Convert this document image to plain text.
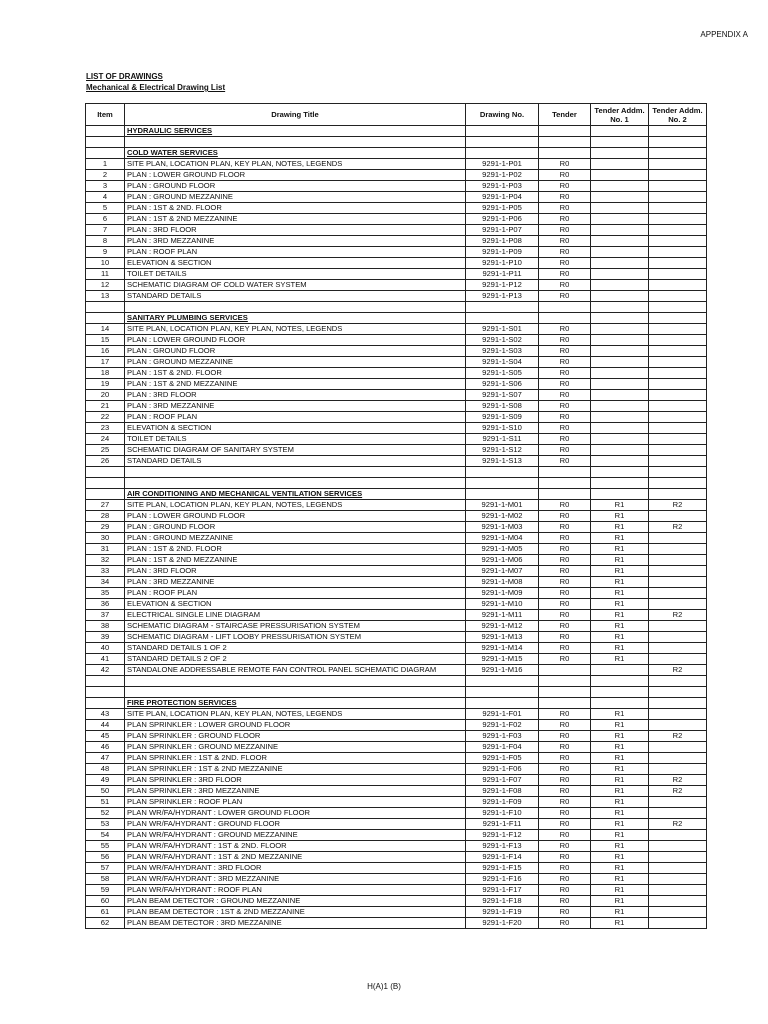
APPENDIX A
LIST OF DRAWINGS
Mechanical & Electrical Drawing List
Item	Drawing Title	Drawing No.	Tender	Tender Addm. No. 1	Tender Addm. No. 2
	HYDRAULIC SERVICES				

	COLD WATER SERVICES				
1	SITE PLAN, LOCATION PLAN, KEY PLAN, NOTES, LEGENDS	9291-1-P01	R0		
2	PLAN : LOWER GROUND FLOOR	9291-1-P02	R0		
3	PLAN : GROUND FLOOR	9291-1-P03	R0		
4	PLAN : GROUND MEZZANINE	9291-1-P04	R0		
5	PLAN : 1ST & 2ND. FLOOR	9291-1-P05	R0		
6	PLAN : 1ST & 2ND MEZZANINE	9291-1-P06	R0		
7	PLAN : 3RD FLOOR	9291-1-P07	R0		
8	PLAN : 3RD MEZZANINE	9291-1-P08	R0		
9	PLAN : ROOF PLAN	9291-1-P09	R0		
10	ELEVATION & SECTION	9291-1-P10	R0		
11	TOILET DETAILS	9291-1-P11	R0		
12	SCHEMATIC DIAGRAM OF COLD WATER SYSTEM	9291-1-P12	R0		
13	STANDARD DETAILS	9291-1-P13	R0		

	SANITARY PLUMBING SERVICES				
14	SITE PLAN, LOCATION PLAN, KEY PLAN, NOTES, LEGENDS	9291-1-S01	R0		
15	PLAN : LOWER GROUND FLOOR	9291-1-S02	R0		
16	PLAN : GROUND FLOOR	9291-1-S03	R0		
17	PLAN : GROUND MEZZANINE	9291-1-S04	R0		
18	PLAN : 1ST & 2ND. FLOOR	9291-1-S05	R0		
19	PLAN : 1ST & 2ND MEZZANINE	9291-1-S06	R0		
20	PLAN : 3RD FLOOR	9291-1-S07	R0		
21	PLAN : 3RD MEZZANINE	9291-1-S08	R0		
22	PLAN : ROOF PLAN	9291-1-S09	R0		
23	ELEVATION & SECTION	9291-1-S10	R0		
24	TOILET DETAILS	9291-1-S11	R0		
25	SCHEMATIC DIAGRAM OF SANITARY SYSTEM	9291-1-S12	R0		
26	STANDARD DETAILS	9291-1-S13	R0		

	AIR CONDITIONING AND MECHANICAL VENTILATION SERVICES				
27	SITE PLAN, LOCATION PLAN, KEY PLAN, NOTES, LEGENDS	9291-1-M01	R0	R1	R2
28	PLAN : LOWER GROUND FLOOR	9291-1-M02	R0	R1	
29	PLAN : GROUND FLOOR	9291-1-M03	R0	R1	R2
30	PLAN : GROUND MEZZANINE	9291-1-M04	R0	R1	
31	PLAN : 1ST & 2ND. FLOOR	9291-1-M05	R0	R1	
32	PLAN : 1ST & 2ND MEZZANINE	9291-1-M06	R0	R1	
33	PLAN : 3RD FLOOR	9291-1-M07	R0	R1	
34	PLAN : 3RD MEZZANINE	9291-1-M08	R0	R1	
35	PLAN : ROOF PLAN	9291-1-M09	R0	R1	
36	ELEVATION & SECTION	9291-1-M10	R0	R1	
37	ELECTRICAL SINGLE LINE DIAGRAM	9291-1-M11	R0	R1	R2
38	SCHEMATIC DIAGRAM - STAIRCASE PRESSURISATION SYSTEM	9291-1-M12	R0	R1	
39	SCHEMATIC DIAGRAM - LIFT LOOBY PRESSURISATION SYSTEM	9291-1-M13	R0	R1	
40	STANDARD DETAILS 1 OF 2	9291-1-M14	R0	R1	
41	STANDARD DETAILS 2 OF 2	9291-1-M15	R0	R1	
42	STANDALONE ADDRESSABLE REMOTE FAN CONTROL PANEL SCHEMATIC DIAGRAM	9291-1-M16			R2

	FIRE PROTECTION SERVICES				
43	SITE PLAN, LOCATION PLAN, KEY PLAN, NOTES, LEGENDS	9291-1-F01	R0	R1	
44	PLAN SPRINKLER : LOWER GROUND FLOOR	9291-1-F02	R0	R1	
45	PLAN SPRINKLER : GROUND FLOOR	9291-1-F03	R0	R1	R2
46	PLAN SPRINKLER : GROUND MEZZANINE	9291-1-F04	R0	R1	
47	PLAN SPRINKLER : 1ST & 2ND. FLOOR	9291-1-F05	R0	R1	
48	PLAN SPRINKLER : 1ST & 2ND MEZZANINE	9291-1-F06	R0	R1	
49	PLAN SPRINKLER : 3RD FLOOR	9291-1-F07	R0	R1	R2
50	PLAN SPRINKLER : 3RD MEZZANINE	9291-1-F08	R0	R1	R2
51	PLAN SPRINKLER : ROOF PLAN	9291-1-F09	R0	R1	
52	PLAN WR/FA/HYDRANT : LOWER GROUND FLOOR	9291-1-F10	R0	R1	
53	PLAN WR/FA/HYDRANT : GROUND FLOOR	9291-1-F11	R0	R1	R2
54	PLAN WR/FA/HYDRANT : GROUND MEZZANINE	9291-1-F12	R0	R1	
55	PLAN WR/FA/HYDRANT : 1ST & 2ND. FLOOR	9291-1-F13	R0	R1	
56	PLAN WR/FA/HYDRANT : 1ST & 2ND MEZZANINE	9291-1-F14	R0	R1	
57	PLAN WR/FA/HYDRANT : 3RD FLOOR	9291-1-F15	R0	R1	
58	PLAN WR/FA/HYDRANT : 3RD MEZZANINE	9291-1-F16	R0	R1	
59	PLAN WR/FA/HYDRANT : ROOF PLAN	9291-1-F17	R0	R1	
60	PLAN BEAM DETECTOR : GROUND MEZZANINE	9291-1-F18	R0	R1	
61	PLAN BEAM DETECTOR : 1ST & 2ND MEZZANINE	9291-1-F19	R0	R1	
62	PLAN BEAM DETECTOR : 3RD MEZZANINE	9291-1-F20	R0	R1	
H(A)1 (B)
